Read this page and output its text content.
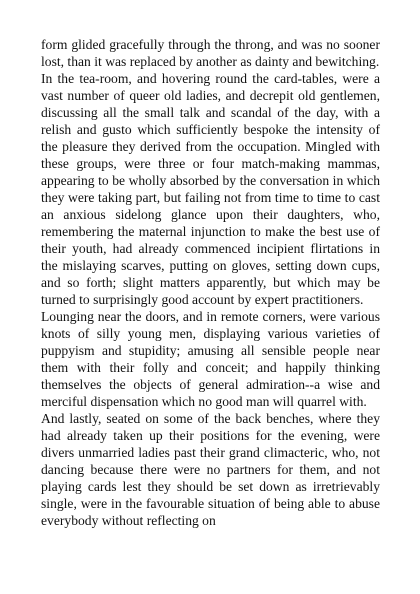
form glided gracefully through the throng, and was no sooner lost, than it was replaced by another as dainty and bewitching.

In the tea-room, and hovering round the card-tables, were a vast number of queer old ladies, and decrepit old gentlemen, discussing all the small talk and scandal of the day, with a relish and gusto which sufficiently bespoke the intensity of the pleasure they derived from the occupation. Mingled with these groups, were three or four match-making mammas, appearing to be wholly absorbed by the conversation in which they were taking part, but failing not from time to time to cast an anxious sidelong glance upon their daughters, who, remembering the maternal injunction to make the best use of their youth, had already commenced incipient flirtations in the mislaying scarves, putting on gloves, setting down cups, and so forth; slight matters apparently, but which may be turned to surprisingly good account by expert practitioners.

Lounging near the doors, and in remote corners, were various knots of silly young men, displaying various varieties of puppyism and stupidity; amusing all sensible people near them with their folly and conceit; and happily thinking themselves the objects of general admiration--a wise and merciful dispensation which no good man will quarrel with.

And lastly, seated on some of the back benches, where they had already taken up their positions for the evening, were divers unmarried ladies past their grand climacteric, who, not dancing because there were no partners for them, and not playing cards lest they should be set down as irretrievably single, were in the favourable situation of being able to abuse everybody without reflecting on
